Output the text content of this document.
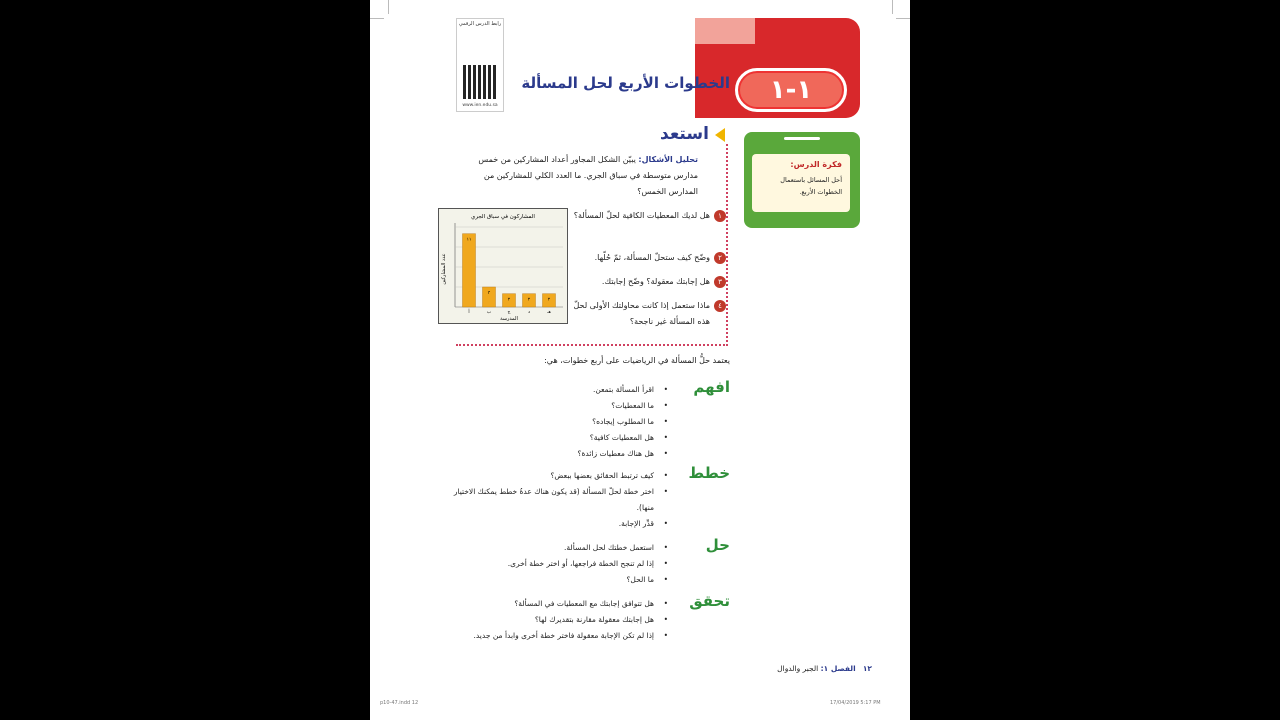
رابط الدرس الرقمي
www.ien.edu.sa
١-١
الخطوات الأربع لحل المسألة
فكرة الدرس:
أحل المسائل باستعمال الخطوات الأربع.
استعد
تحليل الأشكال: يبيّن الشكل المجاور أعداد المشاركين من خمس مدارس متوسطة في سباق الجري. ما العدد الكلي للمشاركين من المدارس الخمس؟
١
هل لديك المعطيات الكافية لحلّ المسألة؟
٢
وضّح كيف ستحلّ المسألة، ثمّ حُلّها.
٣
هل إجابتك معقولة؟ وضّح إجابتك.
٤
ماذا ستعمل إذا كانت محاولتك الأولى لحلّ هذه المسألة غير ناجحة؟
المشاركون في سباق الجري
عدد المشاركين
المدرسة
١١
أ
٣
ب
٢
ج
٢
د
٢
هـ
يعتمد حلُّ المسألة في الرياضيات على أربع خطوات، هي:
افهم
• اقرأ المسألة بتمعن.
• ما المعطيات؟
• ما المطلوب إيجاده؟
• هل المعطيات كافية؟
• هل هناك معطيات زائدة؟
خطط
• كيف ترتبط الحقائق بعضها ببعض؟
• اختر خطة لحلّ المسألة (قد يكون هناك عدةُ خطط يمكنك الاختيار منها).
• قدِّر الإجابة.
حل
• استعمل خطتك لحل المسألة.
• إذا لم تنجح الخطة فراجعها، أو اختر خطة أخرى.
• ما الحل؟
تحقق
• هل تتوافق إجابتك مع المعطيات في المسألة؟
• هل إجابتك معقولة مقارنة بتقديرك لها؟
• إذا لم تكن الإجابة معقولة فاختر خطة أخرى وابدأ من جديد.
١٢   الفصل ١: الجبر والدوال
p10-47.indd 12	17/04/2019 5:17 PM
